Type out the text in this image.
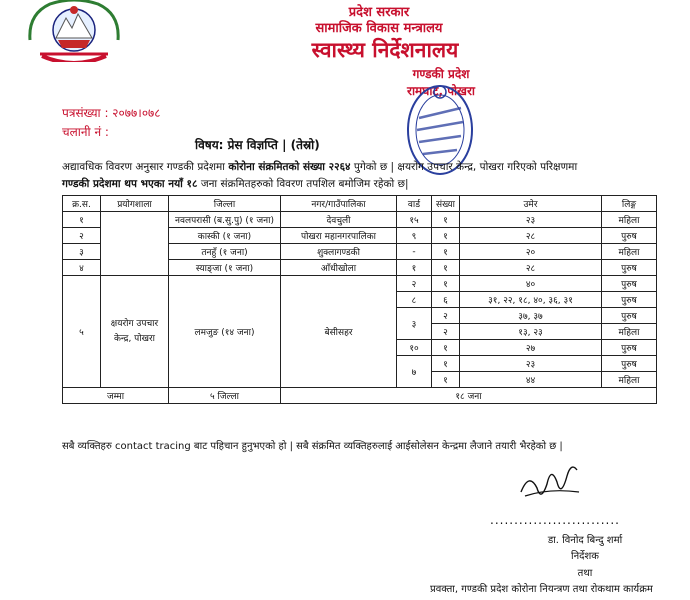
प्रदेश सरकार
सामाजिक विकास मन्त्रालय
स्वास्थ्य निर्देशनालय
गण्डकी प्रदेश
रामघाट, पोखरा
पत्रसंख्या : २०७७।०७८
चलानी नं :
विषय: प्रेस विज्ञप्ति | (तेस्रो)
अद्यावधिक विवरण अनुसार गण्डकी प्रदेशमा कोरोना संक्रमितको संख्या २२६४ पुगेको छ | क्षयरोग उपचार केन्द्र, पोखरा गरिएको परिक्षणमा
गण्डकी प्रदेशमा थप भएका नयाँ १८ जना संक्रमितहरुको विवरण तपशिल बमोजिम रहेको छ|
क्र.स.	प्रयोगशाला	जिल्ला	नगर/गाउँपालिका	वार्ड	संख्या	उमेर	लिङ्ग
१		नवलपरासी (ब.सु.पु) (१ जना)	देवचुली	१५	१	२३	महिला
२		कास्की (१ जना)	पोखरा महानगरपालिका	९	१	२८	पुरुष
३		तनहुँ (१ जना)	शुक्लागण्डकी	-	१	२०	महिला
४		स्याङ्जा (१ जना)	आँधीखोला	१	१	२८	पुरुष
५	क्षयरोग उपचार केन्द्र, पोखरा	लमजुङ (१४ जना)	बेसीसहर	२	१	४०	पुरुष
				८	६	३१, २२, १८, ४०, ३६, ३१	पुरुष
				३	२	३७, ३७	पुरुष
					२	१३, २३	महिला
				१०	१	२७	पुरुष
				७	१	२३	पुरुष
					१	४४	महिला
जम्मा		५ जिल्ला	१८ जना				
सबै व्यक्तिहरु contact tracing बाट पहिचान हुनुभएको हो | सबै संक्रमित व्यक्तिहरुलाई आईसोलेसन केन्द्रमा लैजाने तयारी भैरहेको छ |
...........................
डा. विनोद बिन्दु शर्मा
निर्देशक
तथा
प्रवक्ता, गण्डकी प्रदेश कोरोना नियन्त्रण तथा रोकथाम कार्यक्रम
